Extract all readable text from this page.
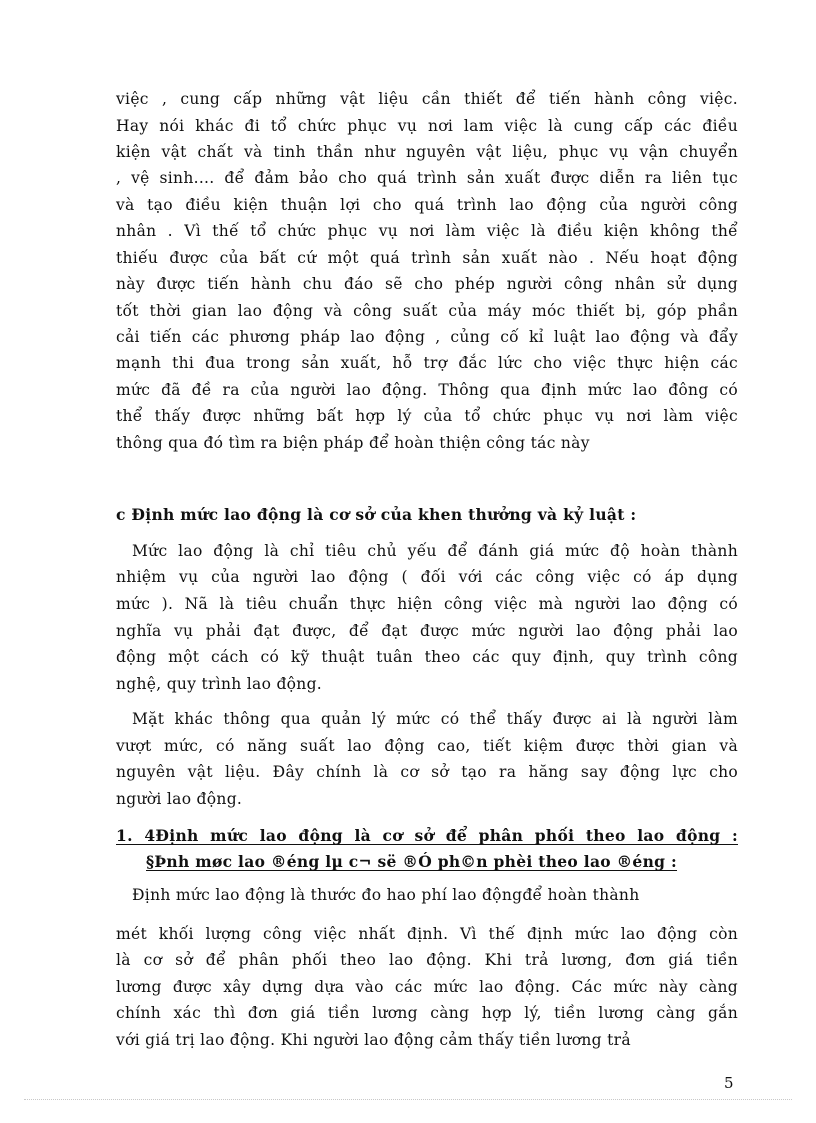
việc , cung cấp những vật liệu cần thiết để tiến hành công việc.
Hay nói khác đi tổ chức phục vụ nơi lam việc là cung cấp các điều
kiện vật chất và tinh thần như nguyên vật liệu, phục vụ vận chuyển
, vệ sinh.... để đảm bảo cho quá trình sản xuất được diễn ra liên tục
và tạo điều kiện thuận lợi cho quá trình lao động của người công
nhân . Vì thế tổ chức phục vụ nơi làm việc là điều kiện không thể
thiếu được của bất cứ một quá trình sản xuất nào . Nếu hoạt động
này được tiến hành chu đáo sẽ cho phép người công nhân sử dụng
tốt thời gian lao động và công suất của máy móc thiết bị, góp phần
cải tiến các phương pháp lao động , củng cố kỉ luật lao động và đẩy
mạnh thi đua trong sản xuất, hỗ trợ đắc lức cho việc thực hiện các
mức đã đề ra của người lao động. Thông qua định mức lao đông có
thể thấy được những bất hợp lý của tổ chức phục vụ nơi làm việc
thông qua đó tìm ra biện pháp để hoàn thiện công tác này
c Định mức lao động là cơ sở của khen thưởng và kỷ luật :
Mức lao động là chỉ tiêu chủ yếu để đánh giá mức độ hoàn thành
nhiệm vụ của người lao động ( đối với các công việc có áp dụng
mức ). Nã là tiêu chuẩn thực hiện công việc mà người lao động có
nghĩa vụ phải đạt được, để đạt được mức người lao động phải lao
động một cách có kỹ thuật tuân theo các quy định, quy trình công
nghệ, quy trình lao động.
Mặt khác thông qua quản lý mức có thể thấy được ai là người làm
vượt mức, có năng suất lao động cao, tiết kiệm được thời gian và
nguyên vật liệu. Đây chính là cơ sở tạo ra hăng say động lực cho
người lao động.
1. 4Định mức lao động là cơ sở để phân phối theo lao động :
§Þnh møc lao ®éng lµ c¬ së ®Ó ph©n phèi theo lao ®éng :
Định mức lao động là thước đo hao phí lao độngđể hoàn thành
mét khối lượng công việc nhất định. Vì thế định mức lao động còn
là cơ sở để phân phối theo lao động. Khi trả lương, đơn giá tiền
lương được xây dựng dựa vào các mức lao động. Các mức này càng
chính xác thì đơn giá tiền lương càng hợp lý, tiền lương càng gắn
với giá trị lao động. Khi người lao động cảm thấy tiền lương trả
5
